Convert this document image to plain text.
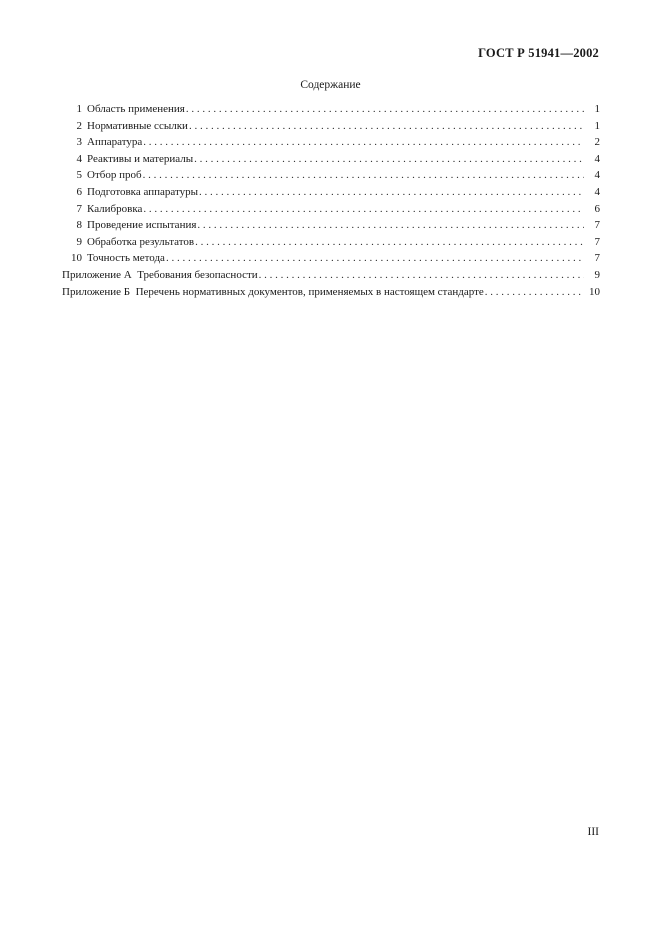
ГОСТ Р 51941—2002
Содержание
1 Область применения . . .	1
2 Нормативные ссылки . . .	1
3 Аппаратура . . .	2
4 Реактивы и материалы . . .	4
5 Отбор проб . . .	4
6 Подготовка аппаратуры . . .	4
7 Калибровка . . .	6
8 Проведение испытания . . .	7
9 Обработка результатов . . .	7
10 Точность метода . . .	7
Приложение А  Требования безопасности . . .	9
Приложение Б  Перечень нормативных документов, применяемых в настоящем стандарте . . .	10
III
